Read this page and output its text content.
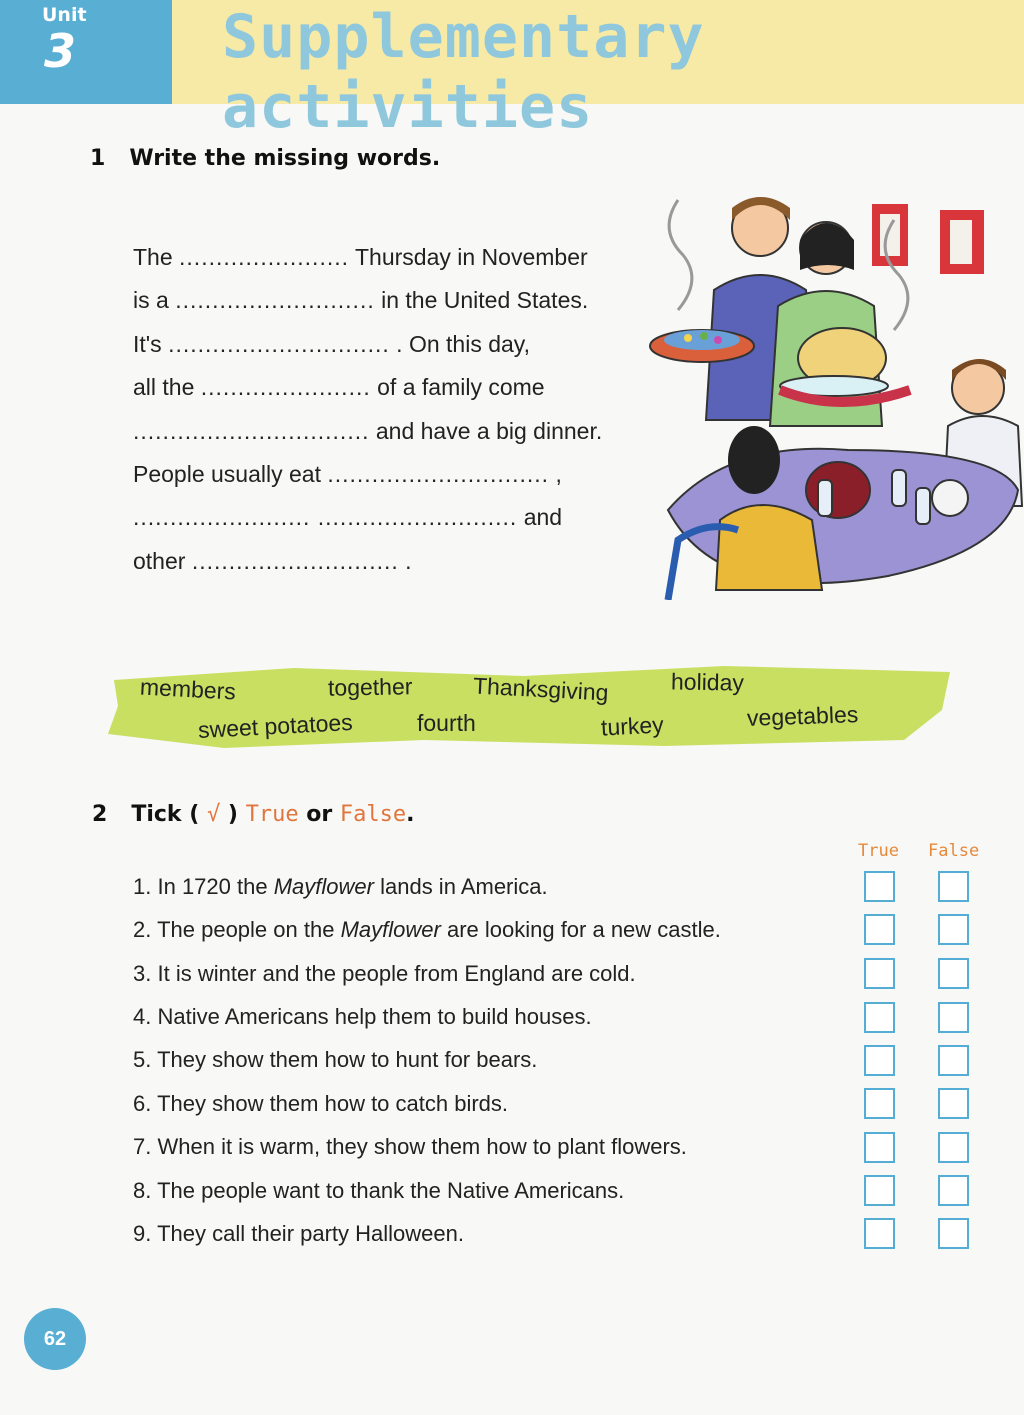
Unit
3 Supplementary activities
1 Write the missing words.
The ....................... Thursday in November
is a ........................... in the United States.
It's .............................. . On this day,
all the ....................... of a family come
................................ and have a big dinner.
People usually eat .............................. ,
........................ ........................... and
other ............................ .
members	together	Thanksgiving	holiday
sweet potatoes	fourth	turkey	vegetables
2 Tick ( √ ) True or False.
True False
1. In 1720 the Mayflower lands in America.
2. The people on the Mayflower are looking for a new castle.
3. It is winter and the people from England are cold.
4. Native Americans help them to build houses.
5. They show them how to hunt for bears.
6. They show them how to catch birds.
7. When it is warm, they show them how to plant flowers.
8. The people want to thank the Native Americans.
9. They call their party Halloween.
62
